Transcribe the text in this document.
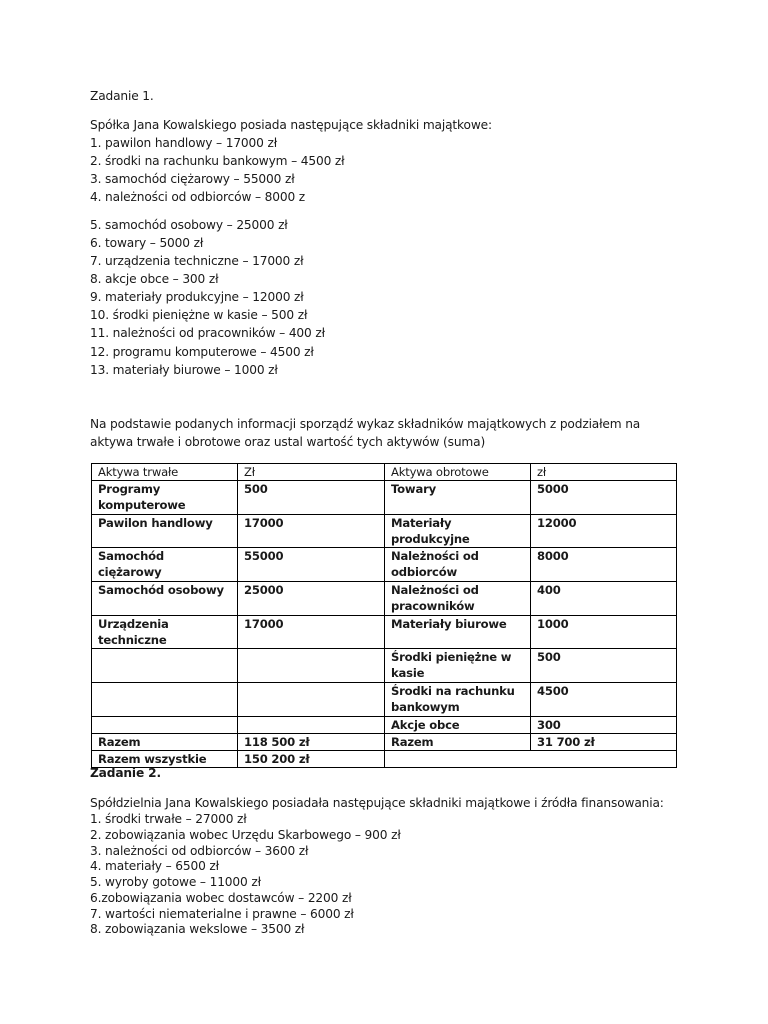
Zadanie 1.
Spółka Jana Kowalskiego posiada następujące składniki majątkowe:
1. pawilon handlowy – 17000 zł
2. środki na rachunku bankowym – 4500 zł
3. samochód ciężarowy – 55000 zł
4. należności od odbiorców – 8000 z
5. samochód osobowy – 25000 zł
6. towary – 5000 zł
7. urządzenia techniczne – 17000 zł
8. akcje obce – 300 zł
9. materiały produkcyjne – 12000 zł
10. środki pieniężne w kasie – 500 zł
11. należności od pracowników – 400 zł
12. programu komputerowe – 4500 zł
13. materiały biurowe – 1000 zł
Na podstawie podanych informacji sporządź wykaz składników majątkowych z podziałem na
aktywa trwałe i obrotowe oraz ustal wartość tych aktywów (suma)
Aktywa trwałe	Zł	Aktywa obrotowe	zł
Programy komputerowe	500	Towary	5000
Pawilon handlowy	17000	Materiały produkcyjne	12000
Samochód ciężarowy	55000	Należności od odbiorców	8000
Samochód osobowy	25000	Należności od pracowników	400
Urządzenia techniczne	17000	Materiały biurowe	1000
		Środki pieniężne w kasie	500
		Środki na rachunku bankowym	4500
		Akcje obce	300
Razem	118 500 zł	Razem	31 700 zł
Razem wszystkie	150 200 zł		
Zadanie 2.
Spółdzielnia Jana Kowalskiego posiadała następujące składniki majątkowe i źródła finansowania:
1. środki trwałe – 27000 zł
2. zobowiązania wobec Urzędu Skarbowego – 900 zł
3. należności od odbiorców – 3600 zł
4. materiały – 6500 zł
5. wyroby gotowe – 11000 zł
6.zobowiązania wobec dostawców – 2200 zł
7. wartości niematerialne i prawne – 6000 zł
8. zobowiązania wekslowe – 3500 zł
